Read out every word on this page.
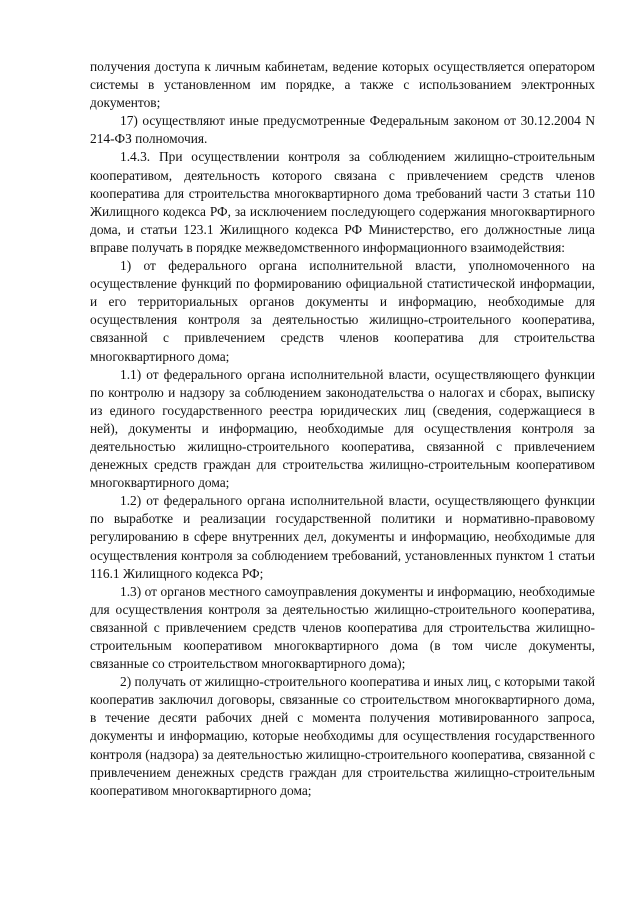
получения доступа к личным кабинетам, ведение которых осуществляется оператором системы в установленном им порядке, а также с использованием электронных документов;

17) осуществляют иные предусмотренные Федеральным законом от 30.12.2004 N 214-ФЗ полномочия.

1.4.3. При осуществлении контроля за соблюдением жилищно-строительным кооперативом, деятельность которого связана с привлечением средств членов кооператива для строительства многоквартирного дома требований части 3 статьи 110 Жилищного кодекса РФ, за исключением последующего содержания многоквартирного дома, и статьи 123.1 Жилищного кодекса РФ Министерство, его должностные лица вправе получать в порядке межведомственного информационного взаимодействия:

1) от федерального органа исполнительной власти, уполномоченного на осуществление функций по формированию официальной статистической информации, и его территориальных органов документы и информацию, необходимые для осуществления контроля за деятельностью жилищно-строительного кооператива, связанной с привлечением средств членов кооператива для строительства многоквартирного дома;

1.1) от федерального органа исполнительной власти, осуществляющего функции по контролю и надзору за соблюдением законодательства о налогах и сборах, выписку из единого государственного реестра юридических лиц (сведения, содержащиеся в ней), документы и информацию, необходимые для осуществления контроля за деятельностью жилищно-строительного кооператива, связанной с привлечением денежных средств граждан для строительства жилищно-строительным кооперативом многоквартирного дома;

1.2) от федерального органа исполнительной власти, осуществляющего функции по выработке и реализации государственной политики и нормативно-правовому регулированию в сфере внутренних дел, документы и информацию, необходимые для осуществления контроля за соблюдением требований, установленных пунктом 1 статьи 116.1 Жилищного кодекса РФ;

1.3) от органов местного самоуправления документы и информацию, необходимые для осуществления контроля за деятельностью жилищно-строительного кооператива, связанной с привлечением средств членов кооператива для строительства жилищно-строительным кооперативом многоквартирного дома (в том числе документы, связанные со строительством многоквартирного дома);

2) получать от жилищно-строительного кооператива и иных лиц, с которыми такой кооператив заключил договоры, связанные со строительством многоквартирного дома, в течение десяти рабочих дней с момента получения мотивированного запроса, документы и информацию, которые необходимы для осуществления государственного контроля (надзора) за деятельностью жилищно-строительного кооператива, связанной с привлечением денежных средств граждан для строительства жилищно-строительным кооперативом многоквартирного дома;
